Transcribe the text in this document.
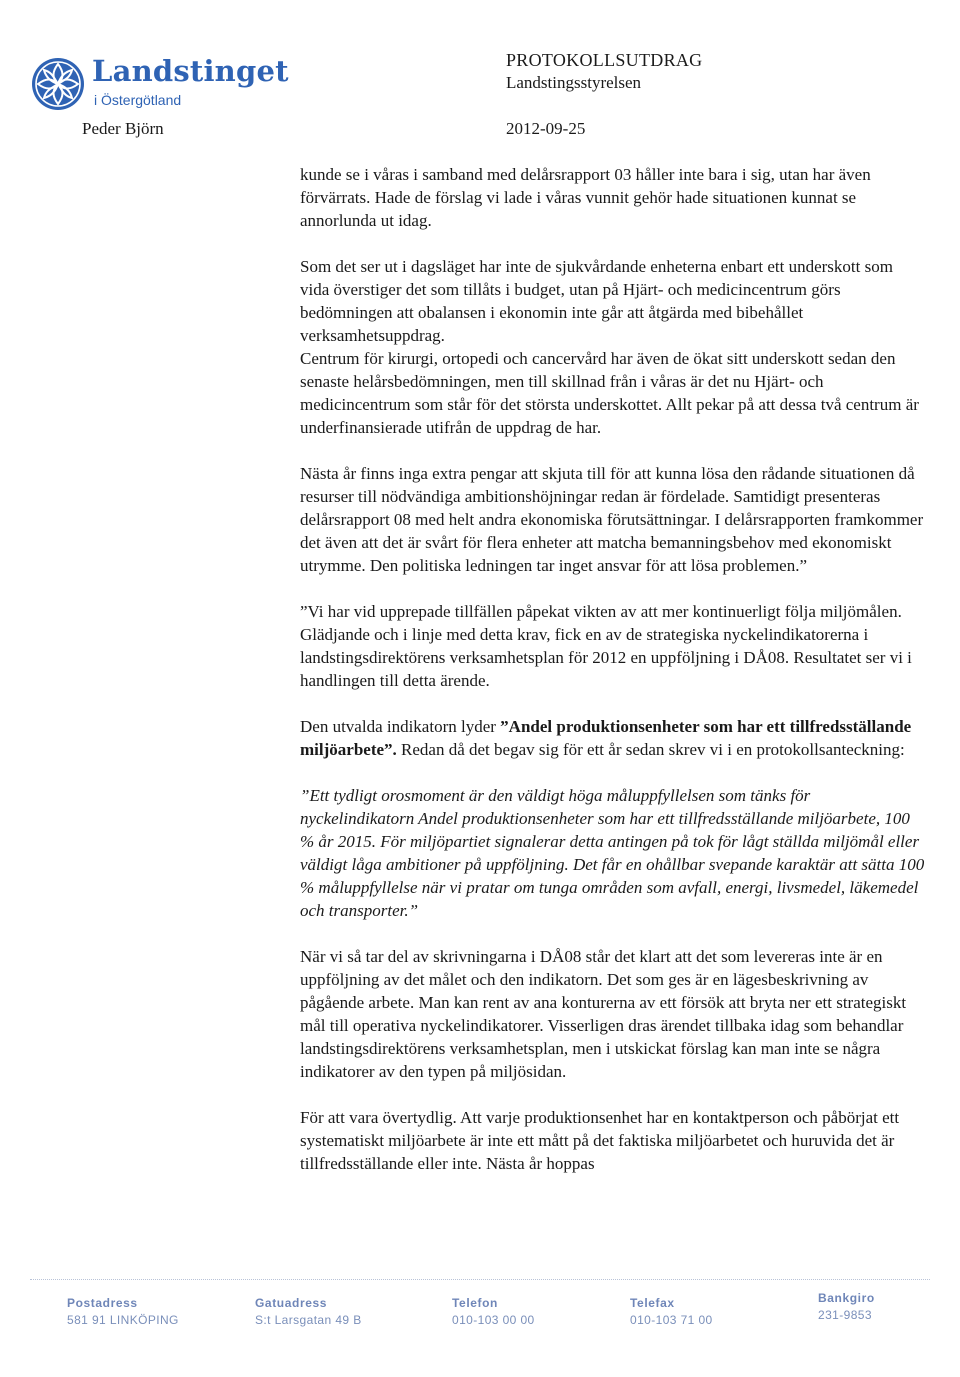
Landstinget
i Östergötland
Peder Björn
PROTOKOLLSUTDRAG
Landstingsstyrelsen
2012-09-25

kunde se i våras i samband med delårsrapport 03 håller inte bara i sig, utan har även förvärrats. Hade de förslag vi lade i våras vunnit gehör hade situationen kunnat se annorlunda ut idag.

Som det ser ut i dagsläget har inte de sjukvårdande enheterna enbart ett underskott som vida överstiger det som tillåts i budget, utan på Hjärt- och medicincentrum görs bedömningen att obalansen i ekonomin inte går att åtgärda med bibehållet verksamhetsuppdrag.

Centrum för kirurgi, ortopedi och cancervård har även de ökat sitt underskott sedan den senaste helårsbedömningen, men till skillnad från i våras är det nu Hjärt- och medicincentrum som står för det största underskottet. Allt pekar på att dessa två centrum är underfinansierade utifrån de uppdrag de har.

Nästa år finns inga extra pengar att skjuta till för att kunna lösa den rådande situationen då resurser till nödvändiga ambitionshöjningar redan är fördelade. Samtidigt presenteras delårsrapport 08 med helt andra ekonomiska förutsättningar. I delårsrapporten framkommer det även att det är svårt för flera enheter att matcha bemanningsbehov med ekonomiskt utrymme. Den politiska ledningen tar inget ansvar för att lösa problemen.”

”Vi har vid upprepade tillfällen påpekat vikten av att mer kontinuerligt följa miljömålen. Glädjande och i linje med detta krav, fick en av de strategiska nyckelindikatorerna i landstingsdirektörens verksamhetsplan för 2012 en uppföljning i DÅ08. Resultatet ser vi i handlingen till detta ärende.

Den utvalda indikatorn lyder ”Andel produktionsenheter som har ett tillfredsställande miljöarbete”. Redan då det begav sig för ett år sedan skrev vi i en protokollsanteckning:

”Ett tydligt orosmoment är den väldigt höga måluppfyllelsen som tänks för nyckelindikatorn Andel produktionsenheter som har ett tillfredsställande miljöarbete, 100 % år 2015. För miljöpartiet signalerar detta antingen på tok för lågt ställda miljömål eller väldigt låga ambitioner på uppföljning. Det får en ohållbar svepande karaktär att sätta 100 % måluppfyllelse när vi pratar om tunga områden som avfall, energi, livsmedel, läkemedel och transporter.”

När vi så tar del av skrivningarna i DÅ08 står det klart att det som levereras inte är en uppföljning av det målet och den indikatorn. Det som ges är en lägesbeskrivning av pågående arbete. Man kan rent av ana konturerna av ett försök att bryta ner ett strategiskt mål till operativa nyckelindikatorer. Visserligen dras ärendet tillbaka idag som behandlar landstingsdirektörens verksamhetsplan, men i utskickat förslag kan man inte se några indikatorer av den typen på miljösidan.

För att vara övertydlig. Att varje produktionsenhet har en kontaktperson och påbörjat ett systematiskt miljöarbete är inte ett mått på det faktiska miljöarbetet och huruvida det är tillfredsställande eller inte. Nästa år hoppas

Postadress
581 91 LINKÖPING
Gatuadress
S:t Larsgatan 49 B
Telefon
010-103 00 00
Telefax
010-103 71 00
Bankgiro
231-9853
